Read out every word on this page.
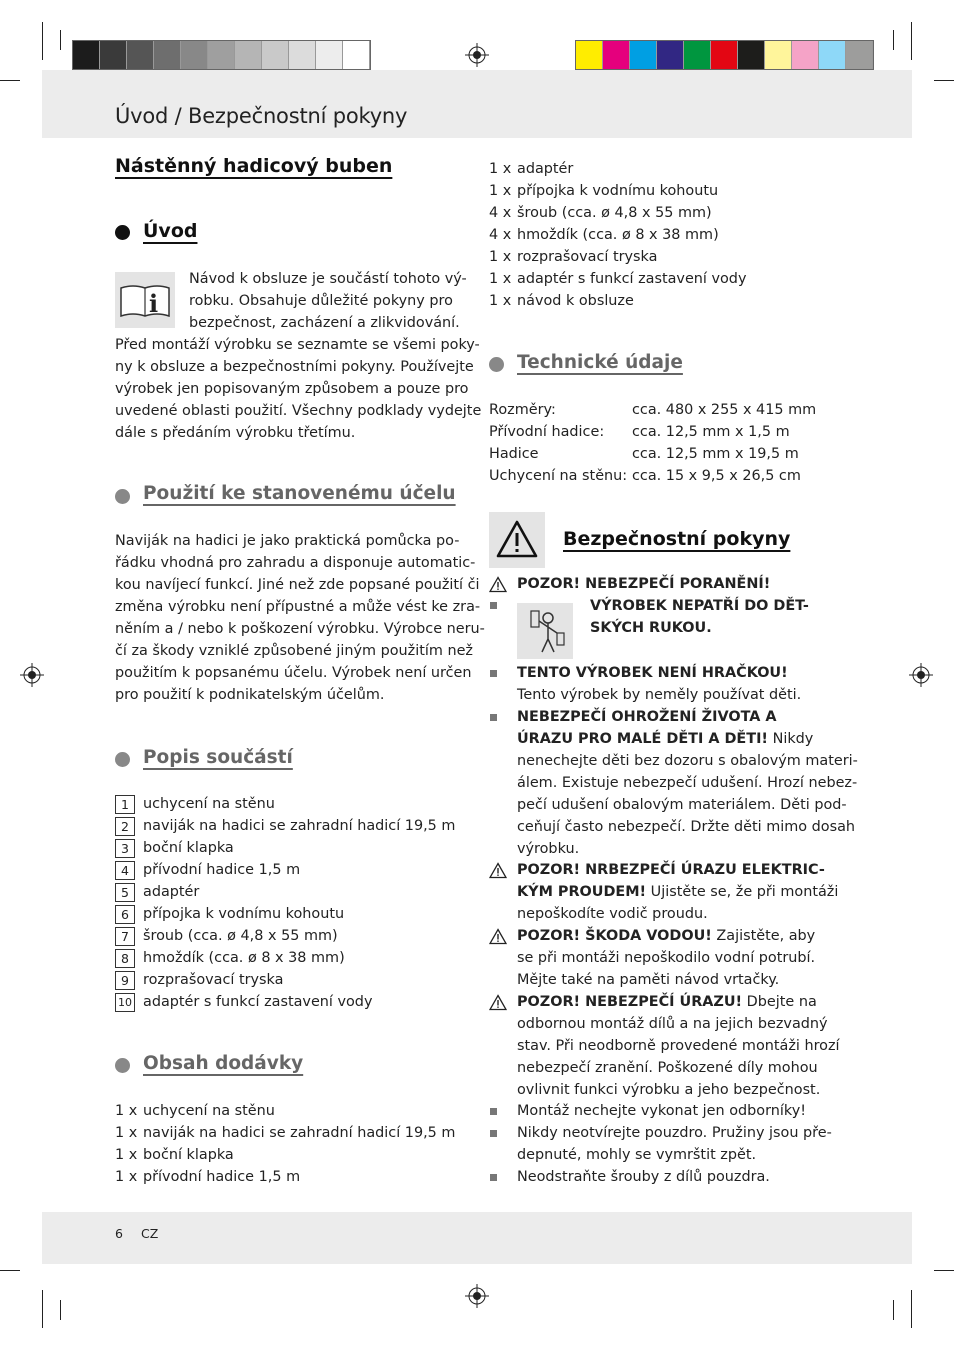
Úvod / Bezpečnostní pokyny
Nástěnný hadicový buben
Úvod
i
Návod k obsluze je součástí tohoto vý-
robku. Obsahuje důležité pokyny pro
bezpečnost, zacházení a zlikvidování.
Před montáží výrobku se seznamte se všemi poky-
ny k obsluze a bezpečnostními pokyny. Používejte
výrobek jen popisovaným způsobem a pouze pro
uvedené oblasti použití. Všechny podklady vydejte
dále s předáním výrobku třetímu.
Použití ke stanovenému účelu
Naviják na hadici je jako praktická pomůcka po-
řádku vhodná pro zahradu a disponuje automatic-
kou navíjecí funkcí. Jiné než zde popsané použití či
změna výrobku není přípustné a může vést ke zra-
něním a / nebo k poškození výrobku. Výrobce neru-
čí za škody vzniklé způsobené jiným použitím než
použitím k popsanému účelu. Výrobek není určen
pro použití k podnikatelským účelům.
Popis součástí
1 uchycení na stěnu
2 naviják na hadici se zahradní hadicí 19,5 m
3 boční klapka
4 přívodní hadice 1,5 m
5 adaptér
6 přípojka k vodnímu kohoutu
7 šroub (cca. ø 4,8 x 55 mm)
8 hmoždík (cca. ø 8 x 38 mm)
9 rozprašovací tryska
10 adaptér s funkcí zastavení vody
Obsah dodávky
1 x uchycení na stěnu
1 x naviják na hadici se zahradní hadicí 19,5 m
1 x boční klapka
1 x přívodní hadice 1,5 m
1 x adaptér
1 x přípojka k vodnímu kohoutu
4 x šroub (cca. ø 4,8 x 55 mm)
4 x hmoždík (cca. ø 8 x 38 mm)
1 x rozprašovací tryska
1 x adaptér s funkcí zastavení vody
1 x návod k obsluze
Technické údaje
Rozměry:	cca. 480 x 255 x 415 mm
Přívodní hadice: cca. 12,5 mm x 1,5 m
Hadice	cca. 12,5 mm x 19,5 m
Uchycení na stěnu: cca. 15 x 9,5 x 26,5 cm
Bezpečnostní pokyny
POZOR! NEBEZPEČÍ PORANĚNÍ!
VÝROBEK NEPATŘÍ DO DĚT-
SKÝCH RUKOU.
TENTO VÝROBEK NENÍ HRAČKOU!
Tento výrobek by neměly používat děti.
NEBEZPEČÍ OHROŽENÍ ŽIVOTA A
ÚRAZU PRO MALÉ DĚTI A DĚTI! Nikdy
nenechejte děti bez dozoru s obalovým materi-
álem. Existuje nebezpečí udušení. Hrozí nebez-
pečí udušení obalovým materiálem. Děti pod-
ceňují často nebezpečí. Držte děti mimo dosah
výrobku.
POZOR! NRBEZPEČÍ ÚRAZU ELEKTRIC-
KÝM PROUDEM! Ujistěte se, že při montáži
nepoškodíte vodič proudu.
POZOR! ŠKODA VODOU! Zajistěte, aby
se při montáži nepoškodilo vodní potrubí.
Mějte také na paměti návod vrtačky.
POZOR! NEBEZPEČÍ ÚRAZU! Dbejte na
odbornou montáž dílů a na jejich bezvadný
stav. Při neodborně provedené montáži hrozí
nebezpečí zranění. Poškozené díly mohou
ovlivnit funkci výrobku a jeho bezpečnost.
Montáž nechejte vykonat jen odborníky!
Nikdy neotvírejte pouzdro. Pružiny jsou pře-
depnuté, mohly se vymrštit zpět.
Neodstraňte šrouby z dílů pouzdra.
6 CZ
